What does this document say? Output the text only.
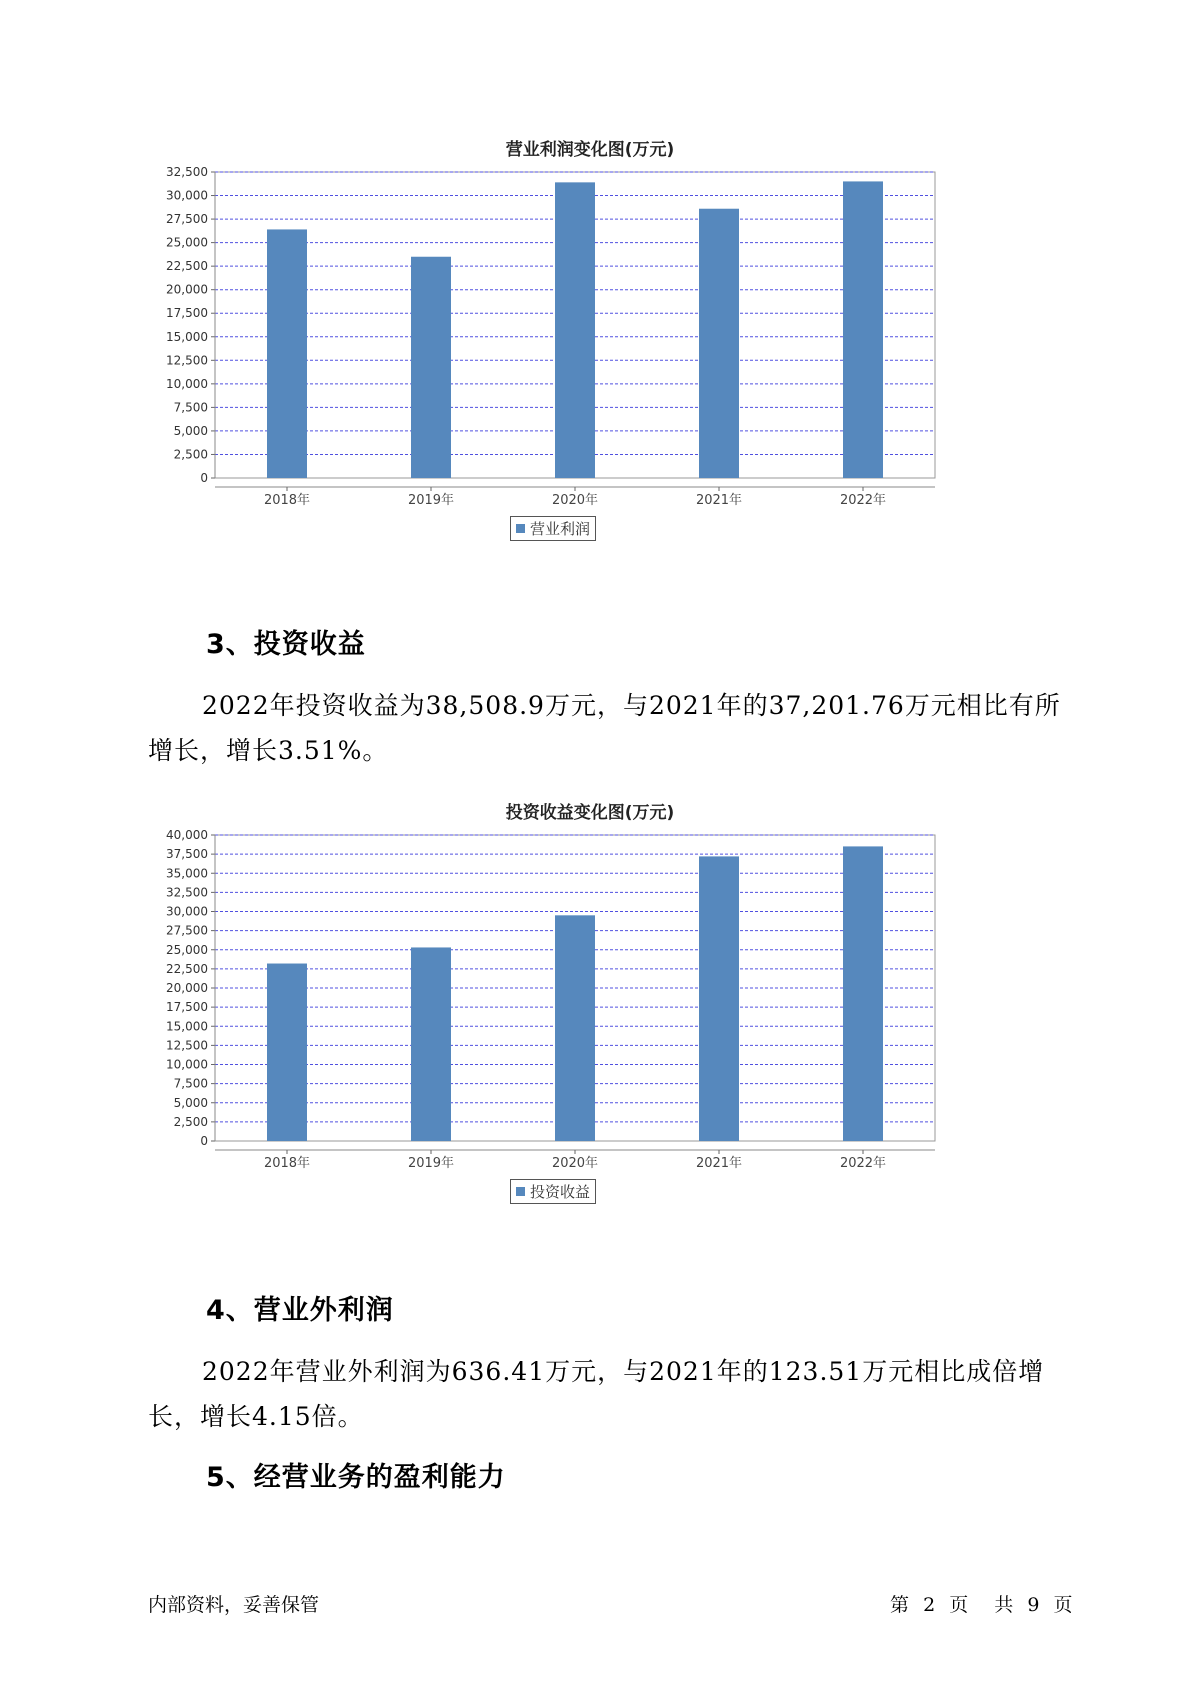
营业利润变化图(万元)
0
2,500
5,000
7,500
10,000
12,500
15,000
17,500
20,000
22,500
25,000
27,500
30,000
32,500
2018年	2019年	2020年	2021年	2022年
营业利润
3、投资收益

2022年投资收益为38,508.9万元，与2021年的37,201.76万元相比有所增长，增长3.51%。

投资收益变化图(万元)
0
2,500
5,000
7,500
10,000
12,500
15,000
17,500
20,000
22,500
25,000
27,500
30,000
32,500
35,000
37,500
40,000
2018年	2019年	2020年	2021年	2022年
投资收益
4、营业外利润

2022年营业外利润为636.41万元，与2021年的123.51万元相比成倍增长，增长4.15倍。

5、经营业务的盈利能力
内部资料，妥善保管	第 2 页 共 9 页
